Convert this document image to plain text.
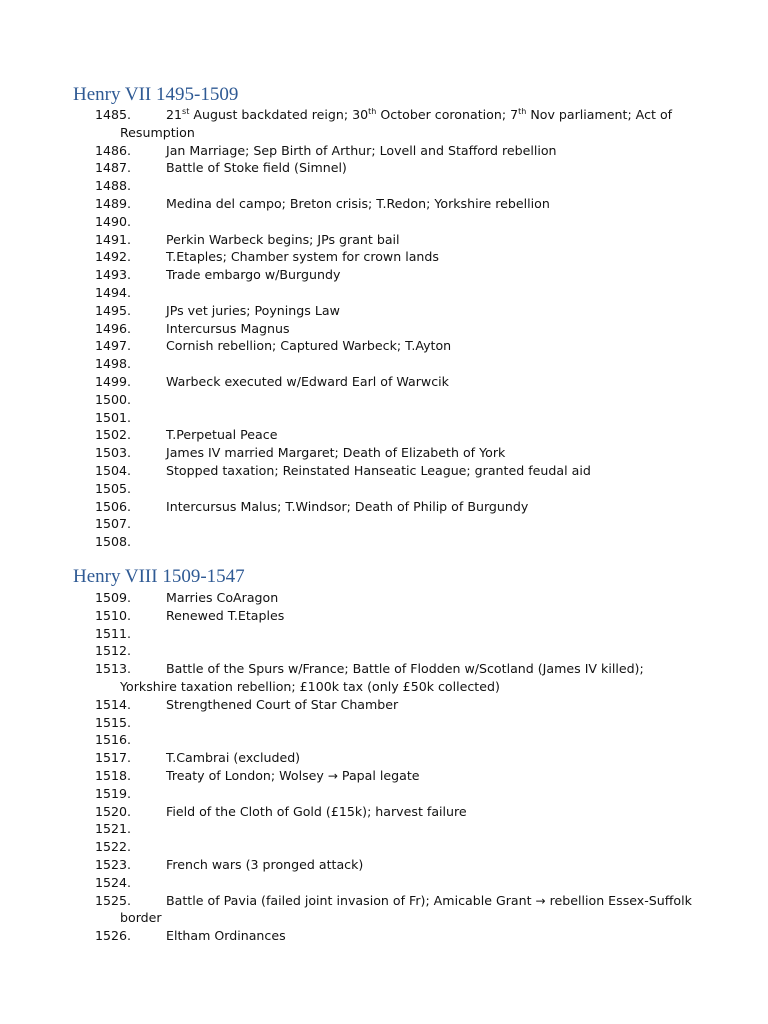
Henry VII 1495-1509
1485.	21st August backdated reign; 30th October coronation; 7th Nov parliament; Act of
Resumption
1486.	Jan Marriage; Sep Birth of Arthur; Lovell and Stafford rebellion
1487.	Battle of Stoke field (Simnel)
1488.
1489.	Medina del campo; Breton crisis; T.Redon; Yorkshire rebellion
1490.
1491.	Perkin Warbeck begins; JPs grant bail
1492.	T.Etaples; Chamber system for crown lands
1493.	Trade embargo w/Burgundy
1494.
1495.	JPs vet juries; Poynings Law
1496.	Intercursus Magnus
1497.	Cornish rebellion; Captured Warbeck; T.Ayton
1498.
1499.	Warbeck executed w/Edward Earl of Warwcik
1500.
1501.
1502.	T.Perpetual Peace
1503.	James IV married Margaret; Death of Elizabeth of York
1504.	Stopped taxation; Reinstated Hanseatic League; granted feudal aid
1505.
1506.	Intercursus Malus; T.Windsor; Death of Philip of Burgundy
1507.
1508.
Henry VIII 1509-1547
1509.	Marries CoAragon
1510.	Renewed T.Etaples
1511.
1512.
1513.	Battle of the Spurs w/France; Battle of Flodden w/Scotland (James IV killed);
Yorkshire taxation rebellion; £100k tax (only £50k collected)
1514.	Strengthened Court of Star Chamber
1515.
1516.
1517.	T.Cambrai (excluded)
1518.	Treaty of London; Wolsey → Papal legate
1519.
1520.	Field of the Cloth of Gold (£15k); harvest failure
1521.
1522.
1523.	French wars (3 pronged attack)
1524.
1525.	Battle of Pavia (failed joint invasion of Fr); Amicable Grant → rebellion Essex-Suffolk
border
1526.	Eltham Ordinances
